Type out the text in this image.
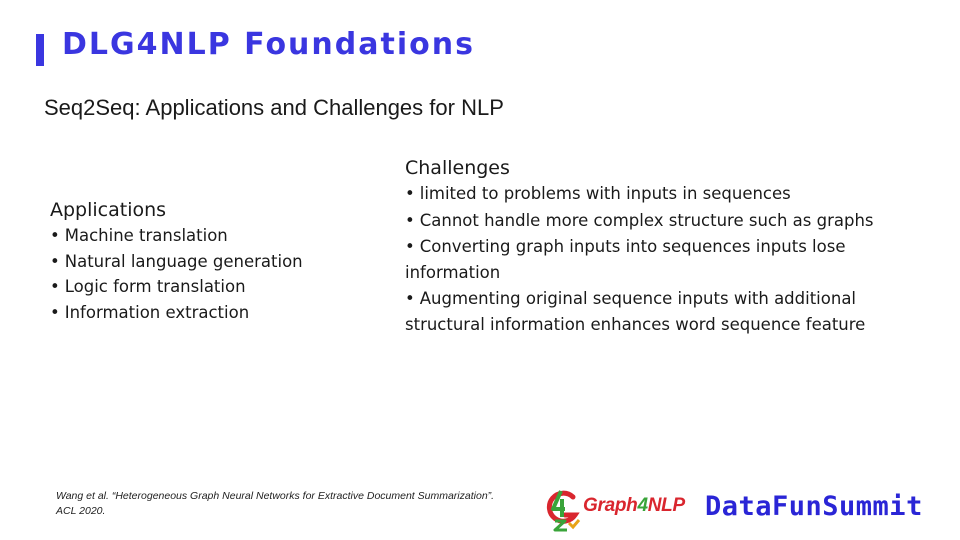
DLG4NLP Foundations
Seq2Seq: Applications and Challenges for NLP
Applications
• Machine translation
• Natural language generation
• Logic form translation
• Information extraction
Challenges
• limited to problems with inputs in sequences
• Cannot handle more complex structure such as graphs
• Converting graph inputs into sequences inputs lose information
• Augmenting original sequence inputs with additional structural information enhances word sequence feature
Wang et al. “Heterogeneous Graph Neural Networks for Extractive Document Summarization”. ACL 2020.	Graph4NLP DataFunSummit
